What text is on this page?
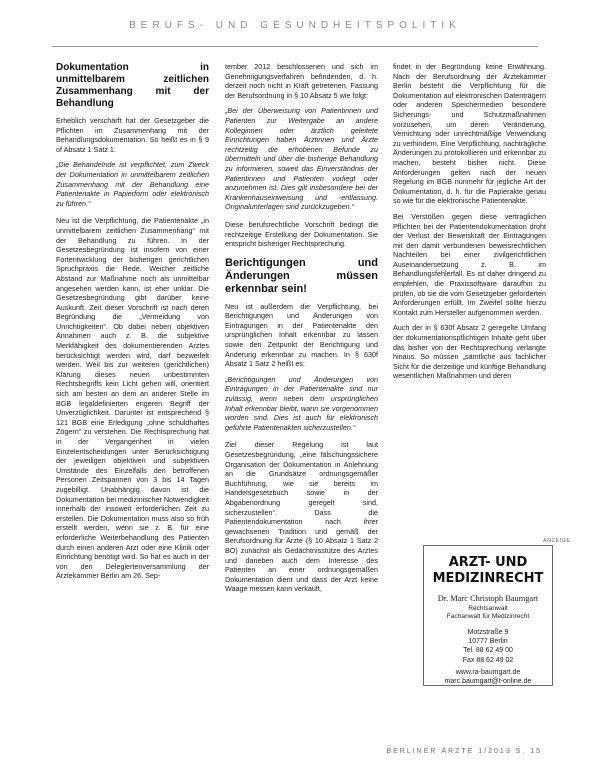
BERUFS- UND GESUNDHEITSPOLITIK
Dokumentation in unmittelbarem zeitlichen Zusammenhang mit der Behandlung

Erheblich verschärft hat der Gesetzgeber die Pflichten im Zusammenhang mit der Behandlungsdokumentation. So heißt es in § 9 of Absatz 1 Satz 1:

„Die Behandelnde ist verpflichtet, zum Zweck der Dokumentation in unmittelbarem zeitlichen Zusammenhang mit der Behandlung eine Patientenakte in Papierform oder elektronisch zu führen.“

Neu ist die Verpflichtung, die Patientenakte „in unmittelbarem zeitlichen Zusammenhang“ mit der Behandlung zu führen. In der Gesetzesbegründung ist insofern von einer Fortentwicklung der bisherigen gerichtlichen Spruchpraxis die Rede. Weicher zeitliche Abstand zur Maßnahme noch als unmittelbar angesehen werden kann, ist eher unklar. Die Gesetzesbegründung gibt darüber keine Auskunft. Zeit dieser Vorschrift ist nach deren Begründung die „Vermeidung von Unrichtigkeiten“. Ob dabei neben objektiven Annahmen auch z. B. die subjektive Merkfähigkeit des dokumentierenden Arztes berücksichtigt werden wird, darf bezweifelt werden. Weil bis zur weiteren (gerichtlichen) Klärung dieses neuen unbestimmten Rechtsbegriffs kein Licht gehen will, orientiert sich am besten an dem an anderer Stelle im BGB legaldefinierten engeren Begriff der Unverzüglichkeit. Darunter ist entsprechend § 121 BGB eine Erledigung „ohne schuldhaftes Zögern“ zu verstehen. Die Rechtsprechung hat in der Vergangenheit in vielen Einzelentscheidungen unter Berücksichtigung der jeweiligen objektiven und subjektiven Umstände des Einzelfalls den betroffenen Personen Zeitspannen von 3 bis 14 Tagen zugebilligt. Unabhängig davon ist die Dokumentation bei medizinischer Notwendigkeit innerhalb der insoweit erforderlichen Zeit zu erstellen. Die Dokumentation muss also so früh erstellt werden, wenn sie z. B. für eine erforderliche Weiterbehandlung des Patienten durch einen anderen Arzt oder eine Klinik oder Einrichtung benötigt wird. So hat es auch in der von den Delegiertenversammlung der Ärztekammer Berlin am 26. Sep-

tember 2012 beschlossenen und sich im Genehmigungsverfahren befindenden, d. h. derzeit noch nicht in Kraft getretenen, Fassung der Berufsordnung in § 10 Absatz 5 wie folgt:

„Bei der Überweisung von Patientinnen und Patienten zur Weitergabe an andere Kolleginnen oder ärztlich geleitete Einrichtungen haben Ärztinnen und Ärzte rechtzeitig die erhobenen Befunde zu übermitteln und über die bisherige Behandlung zu informieren, soweit das Einverständnis der Patientinnen und Patienten vorliegt oder anzunehmen ist. Dies gilt insbesondere bei der Krankenhauseinweisung und -entlassung. Originalunterlagen sind zurückzugeben.“

Diese berufsrechtliche Vorschrift bedingt die rechtzeitige Erstellung der Dokumentation. Sie entspricht bisheriger Rechtsprechung.

Berichtigungen und Änderungen müssen erkennbar sein!

Neu ist außerdem die Verpflichtung, bei Berichtigungen und Änderungen von Eintragungen in der Patientenakte den ursprünglichen Inhalt erkennbar zu lassen sowie den Zeitpunkt der Berichtigung und Änderung erkennbar zu machen. In § 630f Absatz 1 Satz 2 heißt es:

„Berichtigungen und Änderungen von Eintragungen in der Patientenakte sind nur zulässig, wenn neben dem ursprünglichen Inhalt erkennbar bleibt, wann sie vorgenommen worden sind. Dies ist auch für elektronisch geführte Patientenakten sicherzustellen.“

Ziel dieser Regelung ist laut Gesetzesbegründung, „eine fälschungssichere Organisation der Dokumentation in Anlehnung an die Grundsätze ordnungsgemäßer Buchführung, wie sie bereits im Handelsgesetzbuch sowie in der Abgabenordnung geregelt sind, sicherzustellen“. Dass die Patientendokumentation nach ihrer gewachsenen Tradition und gemäß der Berufsordnung für Ärzte (§ 10 Absatz 1 Satz 2 BO) zunächst als Gedächtnisstütze des Arztes und daneben auch dem Interesse des Patienten an einer ordnungsgemäßen Dokumentation dient und dass der Arzt keine Waage messen kann verkauft,

findet in der Begründung keine Erwähnung. Nach der Berufsordnung der Ärztekammer Berlin besteht die Verpflichtung für die Dokumentation auf elektronischen Datenträgern oder anderen Speichermedien besondere Sicherungs- und Schutzmaßnahmen vorzusehen, um deren Veränderung, Vernichtung oder unrechtmäßige Verwendung zu verhindern. Eine Verpflichtung, nachträgliche Änderungen zu protokollieren und erkennbar zu machen, besteht bisher nicht. Diese Anforderungen gelten nach der neuen Regelung im BGB nunmehr für jegliche Art der Dokumentation, d. h. für die Papierakte genau so wie für die elektronische Patientenakte.

Bei Verstößen gegen diese vertraglichen Pflichten bei der Patientendokumentation droht der Verlust der Beweiskraft der Eintragungen mit den damit verbundenen beweisrechtlichen Nachteilen bei einer zivilgerichtlichen Auseinandersetzung z. B. im Behandlungsfehlerfall. Es ist daher dringend zu empfehlen, die Praxissoftware daraufhin zu prüfen, ob sie die vom Gesetzgeber geforderten Anforderungen erfüllt. Im Zweifel sollte hierzu Kontakt zum Hersteller aufgenommen werden.

Auch der in § 630f Absatz 2 geregelte Umfang der dokumentationspflichtigen Inhalte geht über das bisher von der Rechtsprechung verlangte hinaus. So müssen „sämtliche aus fachlicher Sicht für die derzeitige und künftige Behandlung wesentlichen Maßnahmen und deren

ANZEIGE
ARZT- UND
MEDIZINRECHT
Dr. Marc Christoph Baumgart
Rechtsanwalt
Fachanwalt für Medizinrecht
Motzstraße 9
10777 Berlin
Tel. 88 62 49 00
Fax 88 62 49 02
www.ra-baumgart.de
marc.baumgart@t-online.de
BERLINER ÄRZTE 1/2013 S. 15
